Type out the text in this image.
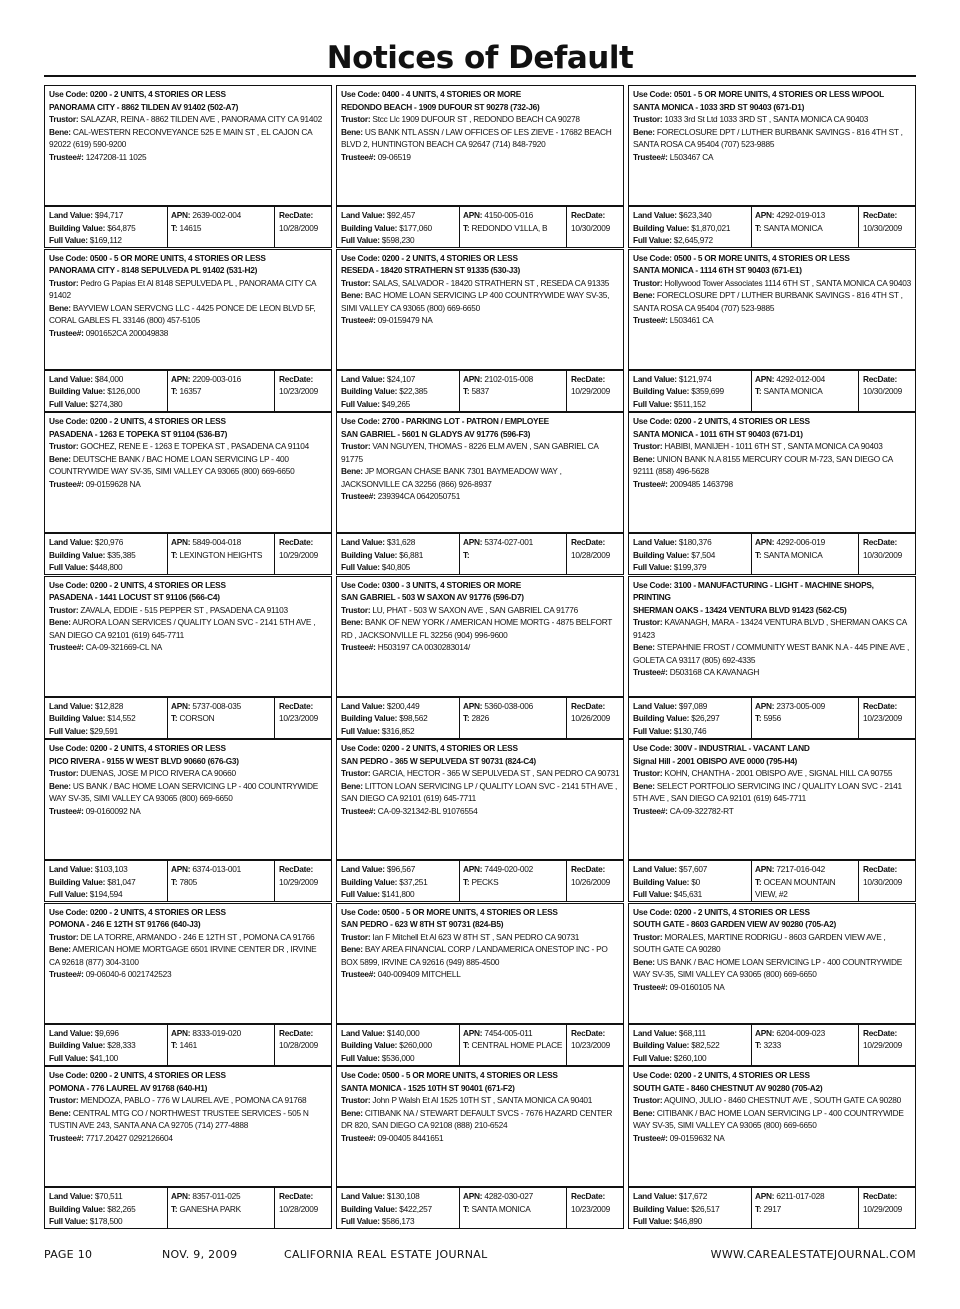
Notices of Default
Use Code: 0200 - 2 UNITS, 4 STORIES OR LESS
PANORAMA CITY - 8862 TILDEN AV 91402 (502-A7)
Trustor: SALAZAR, REINA - 8862 TILDEN AVE , PANORAMA CITY CA 91402
Bene: CAL-WESTERN RECONVEYANCE 525 E MAIN ST , EL CAJON CA 92022 (619) 590-9200
Trustee#: 1247208-11 1025
Land Value: $94,717
Building Value: $64,875
Full Value: $169,112
APN: 2639-002-004
T: 14615
RecDate:
10/28/2009
Use Code: 0500 - 5 OR MORE UNITS, 4 STORIES OR LESS
PANORAMA CITY - 8148 SEPULVEDA PL 91402 (531-H2)
Trustor: Pedro G Papias Et Al 8148 SEPULVEDA PL , PANORAMA CITY CA 91402
Bene: BAYVIEW LOAN SERVCNG LLC - 4425 PONCE DE LEON BLVD 5F, CORAL GABLES FL 33146 (800) 457-5105
Trustee#: 0901652CA 200049838
Land Value: $84,000
Building Value: $126,000
Full Value: $274,380
APN: 2209-003-016
T: 16357
RecDate:
10/23/2009
Use Code: 0200 - 2 UNITS, 4 STORIES OR LESS
PASADENA - 1263 E TOPEKA ST 91104 (536-B7)
Trustor: GOCHEZ, RENE E - 1263 E TOPEKA ST , PASADENA CA 91104
Bene: DEUTSCHE BANK / BAC HOME LOAN SERVICING LP - 400 COUNTRYWIDE WAY SV-35, SIMI VALLEY CA 93065 (800) 669-6650
Trustee#: 09-0159628 NA
Land Value: $20,976
Building Value: $35,385
Full Value: $448,800
APN: 5849-004-018
T: LEXINGTON HEIGHTS
RecDate:
10/29/2009
Use Code: 0200 - 2 UNITS, 4 STORIES OR LESS
PASADENA - 1441 LOCUST ST 91106 (566-C4)
Trustor: ZAVALA, EDDIE - 515 PEPPER ST , PASADENA CA 91103
Bene: AURORA LOAN SERVICES / QUALITY LOAN SVC - 2141 5TH AVE , SAN DIEGO CA 92101 (619) 645-7711
Trustee#: CA-09-321669-CL NA
Land Value: $12,828
Building Value: $14,552
Full Value: $29,591
APN: 5737-008-035
T: CORSON
RecDate:
10/23/2009
Use Code: 0200 - 2 UNITS, 4 STORIES OR LESS
PICO RIVERA - 9155 W WEST BLVD 90660 (676-G3)
Trustor: DUENAS, JOSE M PICO RIVERA CA 90660
Bene: US BANK / BAC HOME LOAN SERVICING LP - 400 COUNTRYWIDE WAY SV-35, SIMI VALLEY CA 93065 (800) 669-6650
Trustee#: 09-0160092 NA
Land Value: $103,103
Building Value: $81,047
Full Value: $194,594
APN: 6374-013-001
T: 7805
RecDate:
10/29/2009
Use Code: 0200 - 2 UNITS, 4 STORIES OR LESS
POMONA - 246 E 12TH ST 91766 (640-J3)
Trustor: DE LA TORRE, ARMANDO - 246 E 12TH ST , POMONA CA 91766
Bene: AMERICAN HOME MORTGAGE 6501 IRVINE CENTER DR , IRVINE CA 92618 (877) 304-3100
Trustee#: 09-06040-6 0021742523
Land Value: $9,696
Building Value: $28,333
Full Value: $41,100
APN: 8333-019-020
T: 1461
RecDate:
10/28/2009
Use Code: 0200 - 2 UNITS, 4 STORIES OR LESS
POMONA - 776 LAUREL AV 91768 (640-H1)
Trustor: MENDOZA, PABLO - 776 W LAUREL AVE , POMONA CA 91768
Bene: CENTRAL MTG CO / NORTHWEST TRUSTEE SERVICES - 505 N TUSTIN AVE 243, SANTA ANA CA 92705 (714) 277-4888
Trustee#: 7717.20427 0292126604
Land Value: $70,511
Building Value: $82,265
Full Value: $178,500
APN: 8357-011-025
T: GANESHA PARK
RecDate:
10/28/2009
Use Code: 0400 - 4 UNITS, 4 STORIES OR MORE
REDONDO BEACH - 1909 DUFOUR ST 90278 (732-J6)
Trustor: Stcc Llc 1909 DUFOUR ST , REDONDO BEACH CA 90278
Bene: US BANK NTL ASSN / LAW OFFICES OF LES ZIEVE - 17682 BEACH BLVD 2, HUNTINGTON BEACH CA 92647 (714) 848-7920
Trustee#: 09-06519
Land Value: $92,457
Building Value: $177,060
Full Value: $598,230
APN: 4150-005-016
T: REDONDO V1LLA, B
RecDate:
10/30/2009
Use Code: 0200 - 2 UNITS, 4 STORIES OR LESS
RESEDA - 18420 STRATHERN ST 91335 (530-J3)
Trustor: SALAS, SALVADOR - 18420 STRATHERN ST , RESEDA CA 91335
Bene: BAC HOME LOAN SERVICING LP 400 COUNTRYWIDE WAY SV-35, SIMI VALLEY CA 93065 (800) 669-6650
Trustee#: 09-0159479 NA
Land Value: $24,107
Building Value: $22,385
Full Value: $49,265
APN: 2102-015-008
T: 5837
RecDate:
10/29/2009
Use Code: 2700 - PARKING LOT - PATRON / EMPLOYEE
SAN GABRIEL - 5601 N GLADYS AV 91776 (596-F3)
Trustor: VAN NGUYEN, THOMAS - 8226 ELM AVEN , SAN GABRIEL CA 91775
Bene: JP MORGAN CHASE BANK 7301 BAYMEADOW WAY , JACKSONVILLE CA 32256 (866) 926-8937
Trustee#: 239394CA 0642050751
Land Value: $31,628
Building Value: $6,881
Full Value: $40,805
APN: 5374-027-001
T:
RecDate:
10/28/2009
Use Code: 0300 - 3 UNITS, 4 STORIES OR MORE
SAN GABRIEL - 503 W SAXON AV 91776 (596-D7)
Trustor: LU, PHAT - 503 W SAXON AVE , SAN GABRIEL CA 91776
Bene: BANK OF NEW YORK / AMERICAN HOME MORTG - 4875 BELFORT RD , JACKSONVILLE FL 32256 (904) 996-9600
Trustee#: H503197 CA 0030283014/
Land Value: $200,449
Building Value: $98,562
Full Value: $316,852
APN: 5360-038-006
T: 2826
RecDate:
10/26/2009
Use Code: 0200 - 2 UNITS, 4 STORIES OR LESS
SAN PEDRO - 365 W SEPULVEDA ST 90731 (824-C4)
Trustor: GARCIA, HECTOR - 365 W SEPULVEDA ST , SAN PEDRO CA 90731
Bene: LITTON LOAN SERVICING LP / QUALITY LOAN SVC - 2141 5TH AVE , SAN DIEGO CA 92101 (619) 645-7711
Trustee#: CA-09-321342-BL 91076554
Land Value: $96,567
Building Value: $37,251
Full Value: $141,800
APN: 7449-020-002
T: PECKS
RecDate:
10/26/2009
Use Code: 0500 - 5 OR MORE UNITS, 4 STORIES OR LESS
SAN PEDRO - 623 W 8TH ST 90731 (824-B5)
Trustor: Ian F Mitchell Et Al 623 W 8TH ST , SAN PEDRO CA 90731
Bene: BAY AREA FINANCIAL CORP / LANDAMERICA ONESTOP INC - PO BOX 5899, IRVINE CA 92616 (949) 885-4500
Trustee#: 040-009409 MITCHELL
Land Value: $140,000
Building Value: $260,000
Full Value: $536,000
APN: 7454-005-011
T: CENTRAL HOME PLACE
RecDate:
10/23/2009
Use Code: 0500 - 5 OR MORE UNITS, 4 STORIES OR LESS
SANTA MONICA - 1525 10TH ST 90401 (671-F2)
Trustor: John P Walsh Et Al 1525 10TH ST , SANTA MONICA CA 90401
Bene: CITIBANK NA / STEWART DEFAULT SVCS - 7676 HAZARD CENTER DR 820, SAN DIEGO CA 92108 (888) 210-6524
Trustee#: 09-00405 8441651
Land Value: $130,108
Building Value: $422,257
Full Value: $586,173
APN: 4282-030-027
T: SANTA MONICA
RecDate:
10/23/2009
Use Code: 0501 - 5 OR MORE UNITS, 4 STORIES OR LESS W/POOL
SANTA MONICA - 1033 3RD ST 90403 (671-D1)
Trustor: 1033 3rd St Ltd 1033 3RD ST , SANTA MONICA CA 90403
Bene: FORECLOSURE DPT / LUTHER BURBANK SAVINGS - 816 4TH ST , SANTA ROSA CA 95404 (707) 523-9885
Trustee#: L503467 CA
Land Value: $623,340
Building Value: $1,870,021
Full Value: $2,645,972
APN: 4292-019-013
T: SANTA MONICA
RecDate:
10/30/2009
Use Code: 0500 - 5 OR MORE UNITS, 4 STORIES OR LESS
SANTA MONICA - 1114 6TH ST 90403 (671-E1)
Trustor: Hollywood Tower Associates 1114 6TH ST , SANTA MONICA CA 90403
Bene: FORECLOSURE DPT / LUTHER BURBANK SAVINGS - 816 4TH ST , SANTA ROSA CA 95404 (707) 523-9885
Trustee#: L503461 CA
Land Value: $121,974
Building Value: $359,699
Full Value: $511,152
APN: 4292-012-004
T: SANTA MONICA
RecDate:
10/30/2009
Use Code: 0200 - 2 UNITS, 4 STORIES OR LESS
SANTA MONICA - 1011 6TH ST 90403 (671-D1)
Trustor: HABIBI, MANIJEH - 1011 6TH ST , SANTA MONICA CA 90403
Bene: UNION BANK N.A 8155 MERCURY COUR M-723, SAN DIEGO CA 92111 (858) 496-5628
Trustee#: 2009485 1463798
Land Value: $180,376
Building Value: $7,504
Full Value: $199,379
APN: 4292-006-019
T: SANTA MONICA
RecDate:
10/30/2009
Use Code: 3100 - MANUFACTURING - LIGHT - MACHINE SHOPS, PRINTING
SHERMAN OAKS - 13424 VENTURA BLVD 91423 (562-C5)
Trustor: KAVANAGH, MARA - 13424 VENTURA BLVD , SHERMAN OAKS CA 91423
Bene: STEPAHNIE FROST / COMMUNITY WEST BANK N.A - 445 PINE AVE , GOLETA CA 93117 (805) 692-4335
Trustee#: D503168 CA KAVANAGH
Land Value: $97,089
Building Value: $26,297
Full Value: $130,746
APN: 2373-005-009
T: 5956
RecDate:
10/23/2009
Use Code: 300V - INDUSTRIAL - VACANT LAND
Signal Hill - 2001 OBISPO AVE 0000 (795-H4)
Trustor: KOHN, CHANTHA - 2001 OBISPO AVE , SIGNAL HILL CA 90755
Bene: SELECT PORTFOLIO SERVICING INC / QUALITY LOAN SVC - 2141 5TH AVE , SAN DIEGO CA 92101 (619) 645-7711
Trustee#: CA-09-322782-RT
Land Value: $57,607
Building Value: $0
Full Value: $45,631
APN: 7217-016-042
T: OCEAN MOUNTAIN VIEW, #2
RecDate:
10/30/2009
Use Code: 0200 - 2 UNITS, 4 STORIES OR LESS
SOUTH GATE - 8603 GARDEN VIEW AV 90280 (705-A2)
Trustor: MORALES, MARTINE RODRIGU - 8603 GARDEN VIEW AVE , SOUTH GATE CA 90280
Bene: US BANK / BAC HOME LOAN SERVICING LP - 400 COUNTRYWIDE WAY SV-35, SIMI VALLEY CA 93065 (800) 669-6650
Trustee#: 09-0160105 NA
Land Value: $68,111
Building Value: $82,522
Full Value: $260,100
APN: 6204-009-023
T: 3233
RecDate:
10/29/2009
Use Code: 0200 - 2 UNITS, 4 STORIES OR LESS
SOUTH GATE - 8460 CHESTNUT AV 90280 (705-A2)
Trustor: AQUINO, JULIO - 8460 CHESTNUT AVE , SOUTH GATE CA 90280
Bene: CITIBANK / BAC HOME LOAN SERVICING LP - 400 COUNTRYWIDE WAY SV-35, SIMI VALLEY CA 93065 (800) 669-6650
Trustee#: 09-0159632 NA
Land Value: $17,672
Building Value: $26,517
Full Value: $46,890
APN: 6211-017-028
T: 2917
RecDate:
10/29/2009
PAGE 10	NOV. 9, 2009	CALIFORNIA REAL ESTATE JOURNAL	WWW.CAREALESTATEJOURNAL.COM
